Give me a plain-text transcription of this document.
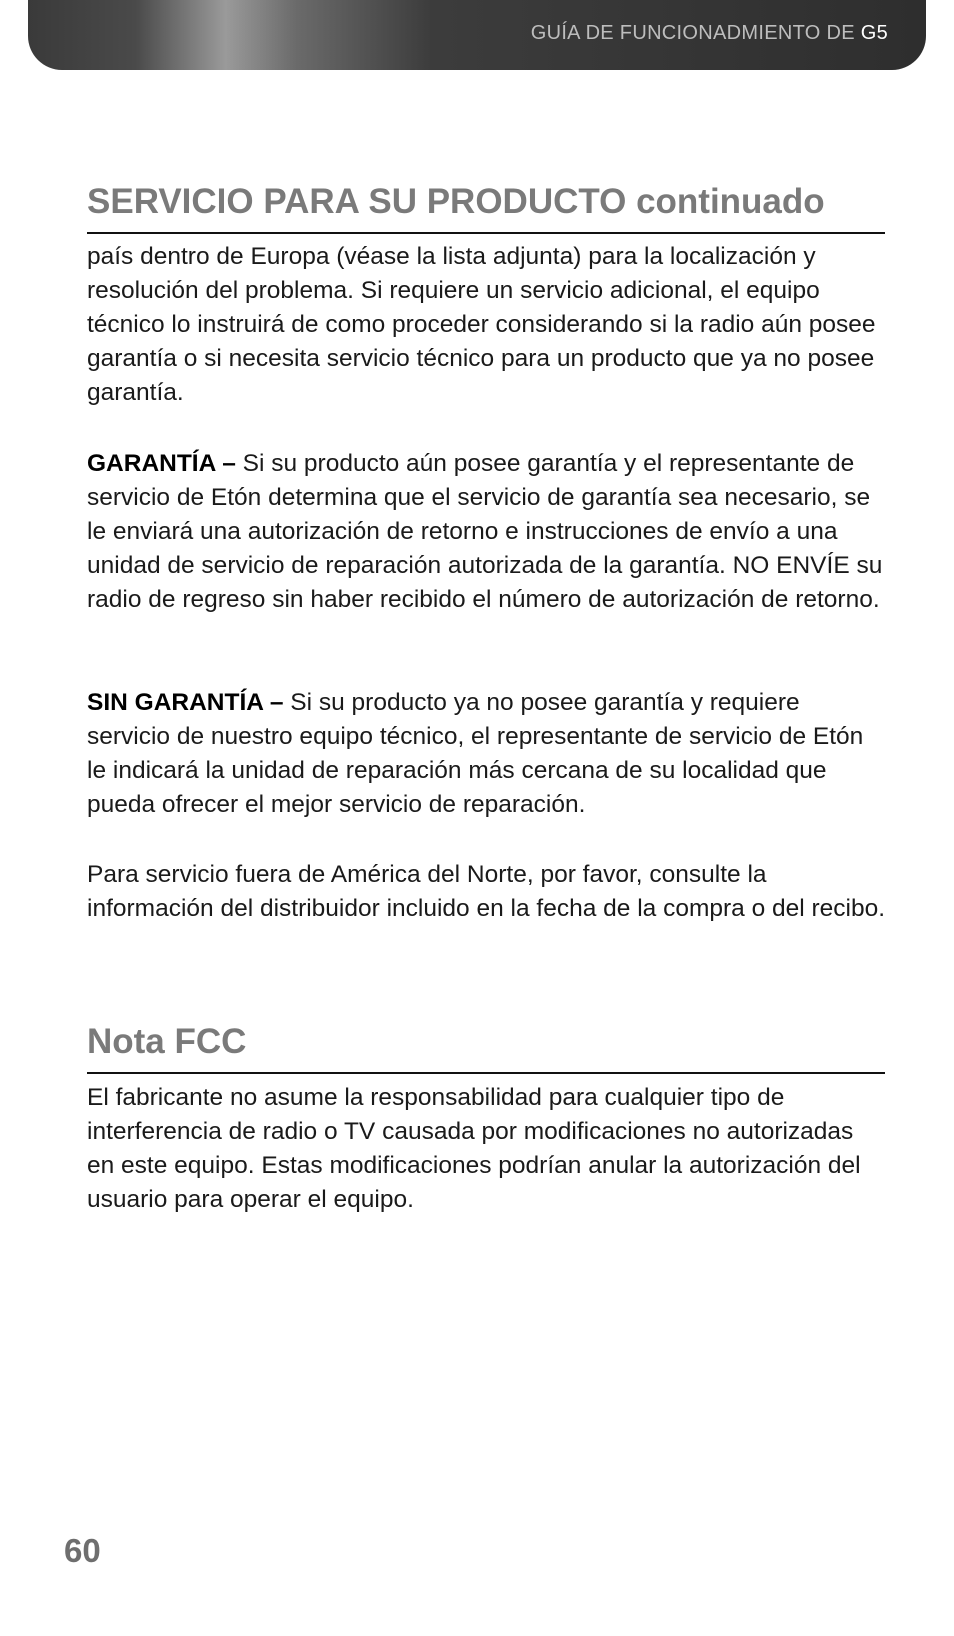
GUÍA DE FUNCIONADMIENTO DE G5
SERVICIO PARA SU PRODUCTO continuado
país dentro de Europa (véase la lista adjunta) para la localización y resolución del problema. Si requiere un servicio adicional, el equipo técnico lo instruirá de como proceder considerando si la radio aún posee garantía o si necesita servicio técnico para un producto que ya no posee garantía.
GARANTÍA – Si su producto aún posee garantía y el representante de servicio de Etón determina que el servicio de garantía sea necesario, se le enviará una autorización de retorno e instrucciones de envío a una unidad de servicio de reparación autorizada de la garantía. NO ENVÍE su radio de regreso sin haber recibido el número de autorización de retorno.
SIN GARANTÍA – Si su producto ya no posee garantía y requiere servicio de nuestro equipo técnico, el representante de servicio de Etón le indicará la unidad de reparación más cercana de su localidad que pueda ofrecer el mejor servicio de reparación.
Para servicio fuera de América del Norte, por favor, consulte la información del distribuidor incluido en la fecha de la compra o del recibo.
Nota FCC
El fabricante no asume la responsabilidad para cualquier tipo de interferencia de radio o TV causada por modificaciones no autorizadas en este equipo. Estas modificaciones podrían anular la autorización del usuario para operar el equipo.
60
